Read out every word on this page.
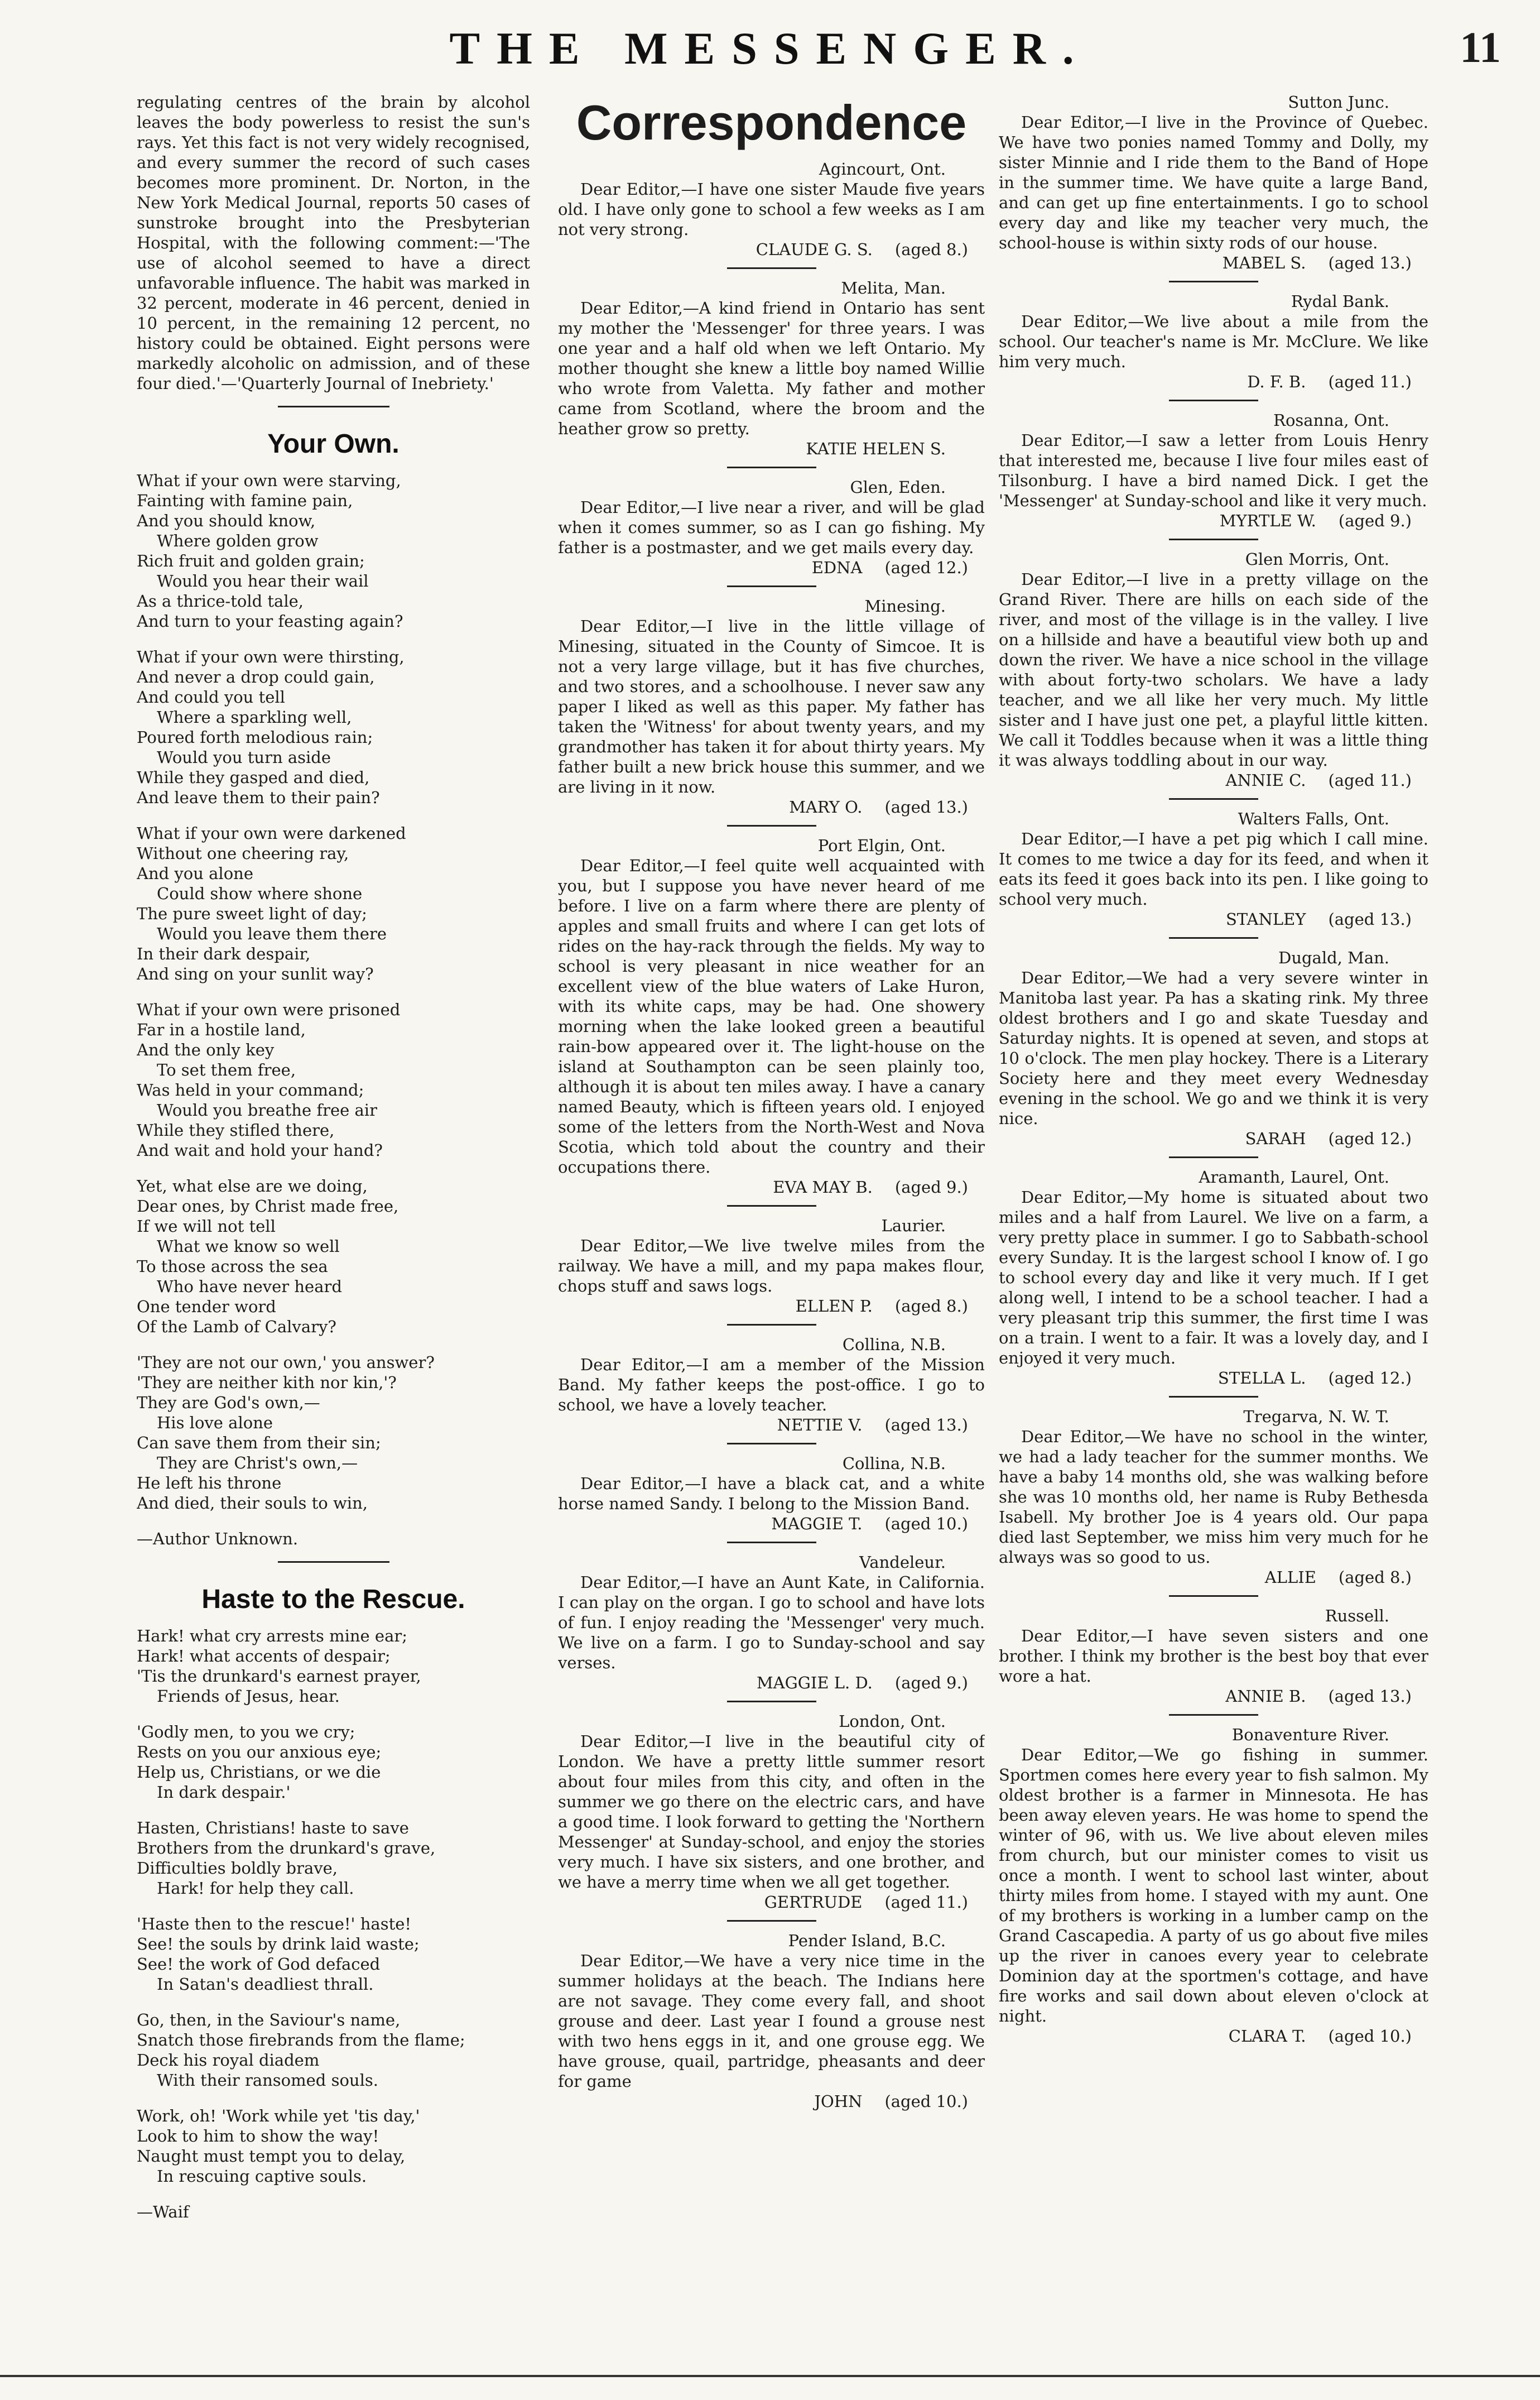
THE MESSENGER.	11

regulating centres of the brain by alcohol leaves the body powerless to resist the sun's rays. Yet this fact is not very widely recognised, and every summer the record of such cases becomes more prominent. Dr. Norton, in the New York Medical Journal, reports 50 cases of sunstroke brought into the Presbyterian Hospital, with the following comment:—'The use of alcohol seemed to have a direct unfavorable influence. The habit was marked in 32 percent, moderate in 46 percent, denied in 10 percent, in the remaining 12 percent, no history could be obtained. Eight persons were markedly alcoholic on admission, and of these four died.'—'Quarterly Journal of Inebriety.'

Your Own.
What if your own were starving,
Fainting with famine pain,
And you should know,
Where golden grow
Rich fruit and golden grain;
Would you hear their wail
As a thrice-told tale,
And turn to your feasting again?
What if your own were thirsting,
And never a drop could gain,
And could you tell
Where a sparkling well,
Poured forth melodious rain;
Would you turn aside
While they gasped and died,
And leave them to their pain?
What if your own were darkened
Without one cheering ray,
And you alone
Could show where shone
The pure sweet light of day;
Would you leave them there
In their dark despair,
And sing on your sunlit way?
What if your own were prisoned
Far in a hostile land,
And the only key
To set them free,
Was held in your command;
Would you breathe free air
While they stifled there,
And wait and hold your hand?
Yet, what else are we doing,
Dear ones, by Christ made free,
If we will not tell
What we know so well
To those across the sea
Who have never heard
One tender word
Of the Lamb of Calvary?
'They are not our own,' you answer?
'They are neither kith nor kin,'?
They are God's own,—
His love alone
Can save them from their sin;
They are Christ's own,—
He left his throne
And died, their souls to win,
—Author Unknown.
Haste to the Rescue.
Hark! what cry arrests mine ear;
Hark! what accents of despair;
'Tis the drunkard's earnest prayer,
Friends of Jesus, hear.
'Godly men, to you we cry;
Rests on you our anxious eye;
Help us, Christians, or we die
In dark despair.'
Hasten, Christians! haste to save
Brothers from the drunkard's grave,
Difficulties boldly brave,
Hark! for help they call.
'Haste then to the rescue!' haste!
See! the souls by drink laid waste;
See! the work of God defaced
In Satan's deadliest thrall.
Go, then, in the Saviour's name,
Snatch those firebrands from the flame;
Deck his royal diadem
With their ransomed souls.
Work, oh! 'Work while yet 'tis day,'
Look to him to show the way!
Naught must tempt you to delay,
In rescuing captive souls.
—Waif
Correspondence
Agincourt, Ont.

Dear Editor,—I have one sister Maude five years old. I have only gone to school a few weeks as I am not very strong.

CLAUDE G. S. (aged 8.)
Melita, Man.

Dear Editor,—A kind friend in Ontario has sent my mother the 'Messenger' for three years. I was one year and a half old when we left Ontario. My mother thought she knew a little boy named Willie who wrote from Valetta. My father and mother came from Scotland, where the broom and the heather grow so pretty.

KATIE HELEN S.
Glen, Eden.

Dear Editor,—I live near a river, and will be glad when it comes summer, so as I can go fishing. My father is a postmaster, and we get mails every day.

EDNA (aged 12.)
Minesing.

Dear Editor,—I live in the little village of Minesing, situated in the County of Simcoe. It is not a very large village, but it has five churches, and two stores, and a schoolhouse. I never saw any paper I liked as well as this paper. My father has taken the 'Witness' for about twenty years, and my grandmother has taken it for about thirty years. My father built a new brick house this summer, and we are living in it now.

MARY O. (aged 13.)
Port Elgin, Ont.

Dear Editor,—I feel quite well acquainted with you, but I suppose you have never heard of me before. I live on a farm where there are plenty of apples and small fruits and where I can get lots of rides on the hay-rack through the fields. My way to school is very pleasant in nice weather for an excellent view of the blue waters of Lake Huron, with its white caps, may be had. One showery morning when the lake looked green a beautiful rain-bow appeared over it. The light-house on the island at Southampton can be seen plainly too, although it is about ten miles away. I have a canary named Beauty, which is fifteen years old. I enjoyed some of the letters from the North-West and Nova Scotia, which told about the country and their occupations there.

EVA MAY B. (aged 9.)
Laurier.

Dear Editor,—We live twelve miles from the railway. We have a mill, and my papa makes flour, chops stuff and saws logs.

ELLEN P. (aged 8.)
Collina, N.B.

Dear Editor,—I am a member of the Mission Band. My father keeps the post-office. I go to school, we have a lovely teacher.

NETTIE V. (aged 13.)
Collina, N.B.

Dear Editor,—I have a black cat, and a white horse named Sandy. I belong to the Mission Band.

MAGGIE T. (aged 10.)
Vandeleur.

Dear Editor,—I have an Aunt Kate, in California. I can play on the organ. I go to school and have lots of fun. I enjoy reading the 'Messenger' very much. We live on a farm. I go to Sunday-school and say verses.

MAGGIE L. D. (aged 9.)
London, Ont.

Dear Editor,—I live in the beautiful city of London. We have a pretty little summer resort about four miles from this city, and often in the summer we go there on the electric cars, and have a good time. I look forward to getting the 'Northern Messenger' at Sunday-school, and enjoy the stories very much. I have six sisters, and one brother, and we have a merry time when we all get together.

GERTRUDE (aged 11.)
Pender Island, B.C.

Dear Editor,—We have a very nice time in the summer holidays at the beach. The Indians here are not savage. They come every fall, and shoot grouse and deer. Last year I found a grouse nest with two hens eggs in it, and one grouse egg. We have grouse, quail, partridge, pheasants and deer for game

JOHN (aged 10.)
Sutton Junc.

Dear Editor,—I live in the Province of Quebec. We have two ponies named Tommy and Dolly, my sister Minnie and I ride them to the Band of Hope in the summer time. We have quite a large Band, and can get up fine entertainments. I go to school every day and like my teacher very much, the school-house is within sixty rods of our house.

MABEL S. (aged 13.)
Rydal Bank.

Dear Editor,—We live about a mile from the school. Our teacher's name is Mr. McClure. We like him very much.

D. F. B. (aged 11.)
Rosanna, Ont.

Dear Editor,—I saw a letter from Louis Henry that interested me, because I live four miles east of Tilsonburg. I have a bird named Dick. I get the 'Messenger' at Sunday-school and like it very much.

MYRTLE W. (aged 9.)
Glen Morris, Ont.

Dear Editor,—I live in a pretty village on the Grand River. There are hills on each side of the river, and most of the village is in the valley. I live on a hillside and have a beautiful view both up and down the river. We have a nice school in the village with about forty-two scholars. We have a lady teacher, and we all like her very much. My little sister and I have just one pet, a playful little kitten. We call it Toddles because when it was a little thing it was always toddling about in our way.

ANNIE C. (aged 11.)
Walters Falls, Ont.

Dear Editor,—I have a pet pig which I call mine. It comes to me twice a day for its feed, and when it eats its feed it goes back into its pen. I like going to school very much.

STANLEY (aged 13.)
Dugald, Man.

Dear Editor,—We had a very severe winter in Manitoba last year. Pa has a skating rink. My three oldest brothers and I go and skate Tuesday and Saturday nights. It is opened at seven, and stops at 10 o'clock. The men play hockey. There is a Literary Society here and they meet every Wednesday evening in the school. We go and we think it is very nice.

SARAH (aged 12.)
Aramanth, Laurel, Ont.

Dear Editor,—My home is situated about two miles and a half from Laurel. We live on a farm, a very pretty place in summer. I go to Sabbath-school every Sunday. It is the largest school I know of. I go to school every day and like it very much. If I get along well, I intend to be a school teacher. I had a very pleasant trip this summer, the first time I was on a train. I went to a fair. It was a lovely day, and I enjoyed it very much.

STELLA L. (aged 12.)
Tregarva, N. W. T.

Dear Editor,—We have no school in the winter, we had a lady teacher for the summer months. We have a baby 14 months old, she was walking before she was 10 months old, her name is Ruby Bethesda Isabell. My brother Joe is 4 years old. Our papa died last September, we miss him very much for he always was so good to us.

ALLIE (aged 8.)
Russell.

Dear Editor,—I have seven sisters and one brother. I think my brother is the best boy that ever wore a hat.

ANNIE B. (aged 13.)
Bonaventure River.

Dear Editor,—We go fishing in summer. Sportmen comes here every year to fish salmon. My oldest brother is a farmer in Minnesota. He has been away eleven years. He was home to spend the winter of 96, with us. We live about eleven miles from church, but our minister comes to visit us once a month. I went to school last winter, about thirty miles from home. I stayed with my aunt. One of my brothers is working in a lumber camp on the Grand Cascapedia. A party of us go about five miles up the river in canoes every year to celebrate Dominion day at the sportmen's cottage, and have fire works and sail down about eleven o'clock at night.

CLARA T. (aged 10.)
